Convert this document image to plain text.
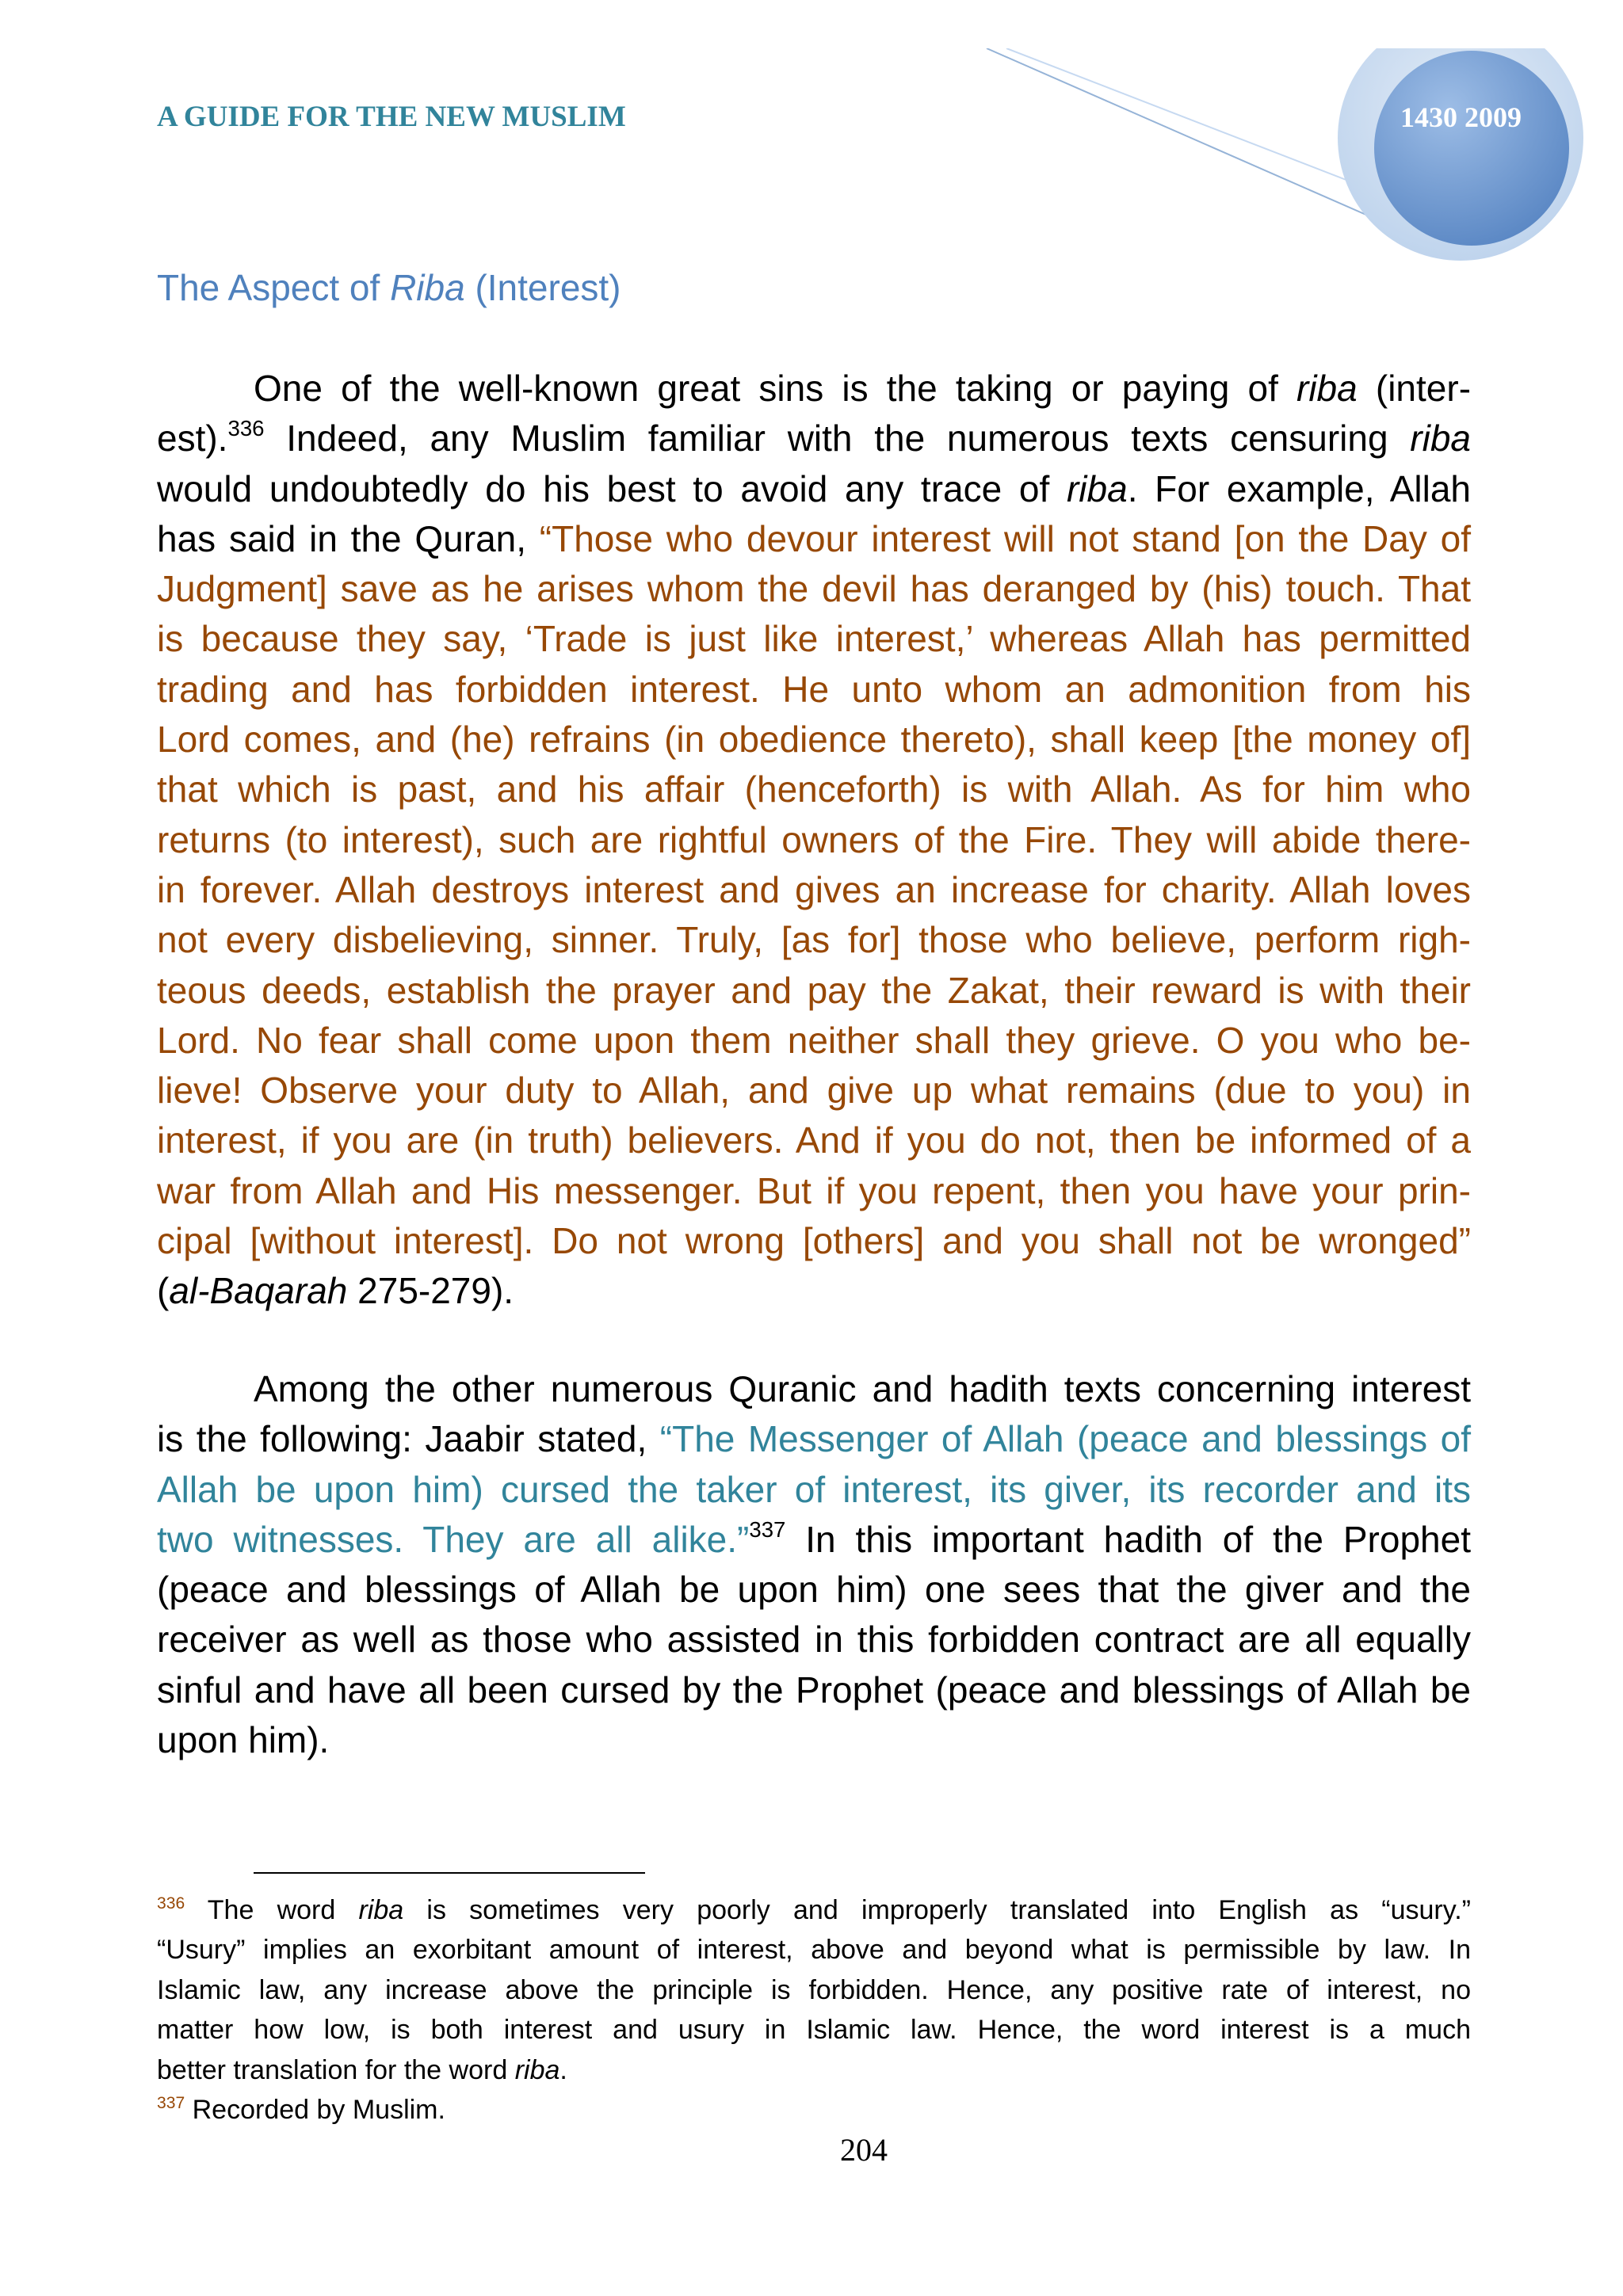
A GUIDE FOR THE NEW MUSLIM	1430 2009
The Aspect of Riba (Interest)
One of the well-known great sins is the taking or paying of riba (inter-
est).$^{336}$ Indeed, any Muslim familiar with the numerous texts censuring riba
would undoubtedly do his best to avoid any trace of riba. For example, Allah
has said in the Quran, “Those who devour interest will not stand [on the Day of
Judgment] save as he arises whom the devil has deranged by (his) touch. That
is because they say, ‘Trade is just like interest,’ whereas Allah has permitted
trading and has forbidden interest. He unto whom an admonition from his
Lord comes, and (he) refrains (in obedience thereto), shall keep [the money of]
that which is past, and his affair (henceforth) is with Allah. As for him who
returns (to interest), such are rightful owners of the Fire. They will abide there-
in forever. Allah destroys interest and gives an increase for charity. Allah loves
not every disbelieving, sinner. Truly, [as for] those who believe, perform righ-
teous deeds, establish the prayer and pay the Zakat, their reward is with their
Lord. No fear shall come upon them neither shall they grieve. O you who be-
lieve! Observe your duty to Allah, and give up what remains (due to you) in
interest, if you are (in truth) believers. And if you do not, then be informed of a
war from Allah and His messenger. But if you repent, then you have your prin-
cipal [without interest]. Do not wrong [others] and you shall not be wronged”
(al-Baqarah 275-279).
Among the other numerous Quranic and hadith texts concerning interest
is the following: Jaabir stated, “The Messenger of Allah (peace and blessings of
Allah be upon him) cursed the taker of interest, its giver, its recorder and its
two witnesses. They are all alike.”$^{337}$ In this important hadith of the Prophet
(peace and blessings of Allah be upon him) one sees that the giver and the
receiver as well as those who assisted in this forbidden contract are all equally
sinful and have all been cursed by the Prophet (peace and blessings of Allah be
upon him).
$^{336}$ The word riba is sometimes very poorly and improperly translated into English as “usury.”
“Usury” implies an exorbitant amount of interest, above and beyond what is permissible by law. In
Islamic law, any increase above the principle is forbidden. Hence, any positive rate of interest, no
matter how low, is both interest and usury in Islamic law. Hence, the word interest is a much
better translation for the word riba.
$^{337}$ Recorded by Muslim.
204
